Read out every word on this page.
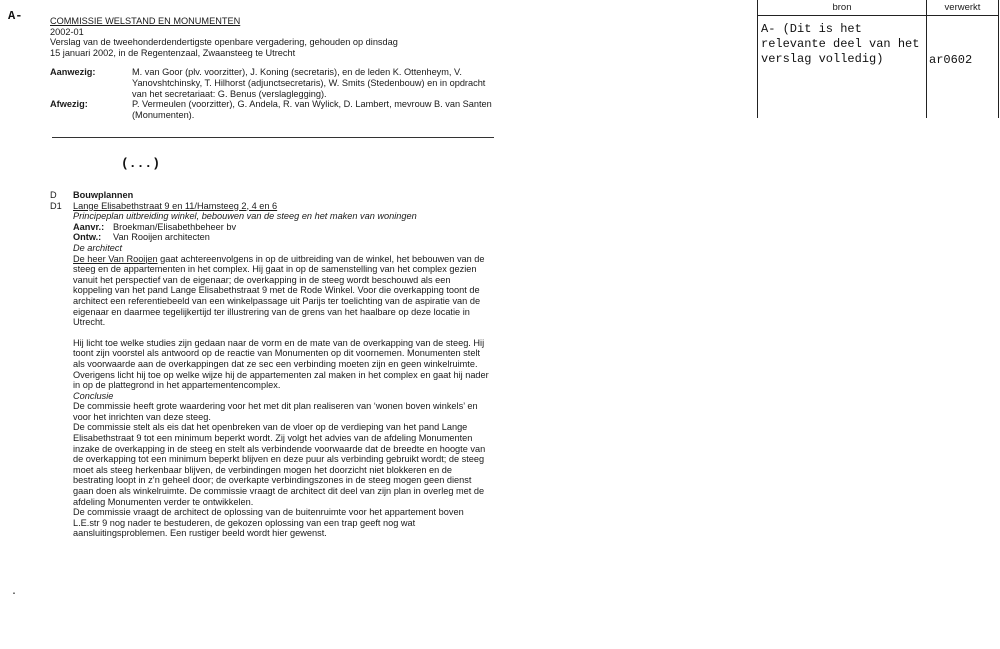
A-	COMMISSIE WELSTAND EN MONUMENTEN
2002-01
Verslag van de tweehonderdendertigste openbare vergadering, gehouden op dinsdag
15 januari 2002, in de Regentenzaal, Zwaansteeg te Utrecht
Aanwezig:	M. van Goor (plv. voorzitter), J. Koning (secretaris), en de leden K. Ottenheym, V. Yanovshtchinsky, T. Hilhorst (adjunctsecretaris), W. Smits (Stedenbouw) en in opdracht van het secretariaat: G. Benus (verslaglegging).
Afwezig:	P. Vermeulen (voorzitter), G. Andela, R. van Wylick, D. Lambert, mevrouw B. van Santen (Monumenten).
(...)
D	Bouwplannen
D1	Lange Elisabethstraat 9 en 11/Hamsteeg 2, 4 en 6
Principeplan uitbreiding winkel, bebouwen van de steeg en het maken van woningen
Aanvr.: Broekman/Elisabethbeheer bv
Ontw.:	Van Rooijen architecten
De architect
De heer Van Rooijen gaat achtereenvolgens in op de uitbreiding van de winkel, het bebouwen van de steeg en de appartementen in het complex. Hij gaat in op de samenstelling van het complex gezien vanuit het perspectief van de eigenaar; de overkapping in de steeg wordt beschouwd als een koppeling van het pand Lange Elisabethstraat 9 met de Rode Winkel. Voor die overkapping toont de architect een referentiebeeld van een winkelpassage uit Parijs ter toelichting van de aspiratie van de eigenaar en daarmee tegelijkertijd ter illustrering van de grens van het haalbare op deze locatie in Utrecht.
Hij licht toe welke studies zijn gedaan naar de vorm en de mate van de overkapping van de steeg. Hij toont zijn voorstel als antwoord op de reactie van Monumenten op dit voornemen. Monumenten stelt als voorwaarde aan de overkappingen dat ze sec een verbinding moeten zijn en geen winkelruimte.
Overigens licht hij toe op welke wijze hij de appartementen zal maken in het complex en gaat hij nader in op de plattegrond in het appartementencomplex.
Conclusie
De commissie heeft grote waardering voor het met dit plan realiseren van ‘wonen boven winkels’ en voor het inrichten van deze steeg.
De commissie stelt als eis dat het openbreken van de vloer op de verdieping van het pand Lange Elisabethstraat 9 tot een minimum beperkt wordt. Zij volgt het advies van de afdeling Monumenten inzake de overkapping in de steeg en stelt als verbindende voorwaarde dat de breedte en hoogte van de overkapping tot een minimum beperkt blijven en deze puur als verbinding gebruikt wordt; de steeg moet als steeg herkenbaar blijven, de verbindingen mogen het doorzicht niet blokkeren en de bestrating loopt in z’n geheel door; de overkapte verbindingszones in de steeg mogen geen dienst gaan doen als winkelruimte. De commissie vraagt de architect dit deel van zijn plan in overleg met de afdeling Monumenten verder te ontwikkelen.
De commissie vraagt de architect de oplossing van de buitenruimte voor het appartement boven L.E.str 9 nog nader te bestuderen, de gekozen oplossing van een trap geeft nog wat aansluitingsproblemen. Een rustiger beeld wordt hier gewenst.
bron	verwerkt
A- (Dit is het relevante deel van het verslag volledig)	ar0602
.
